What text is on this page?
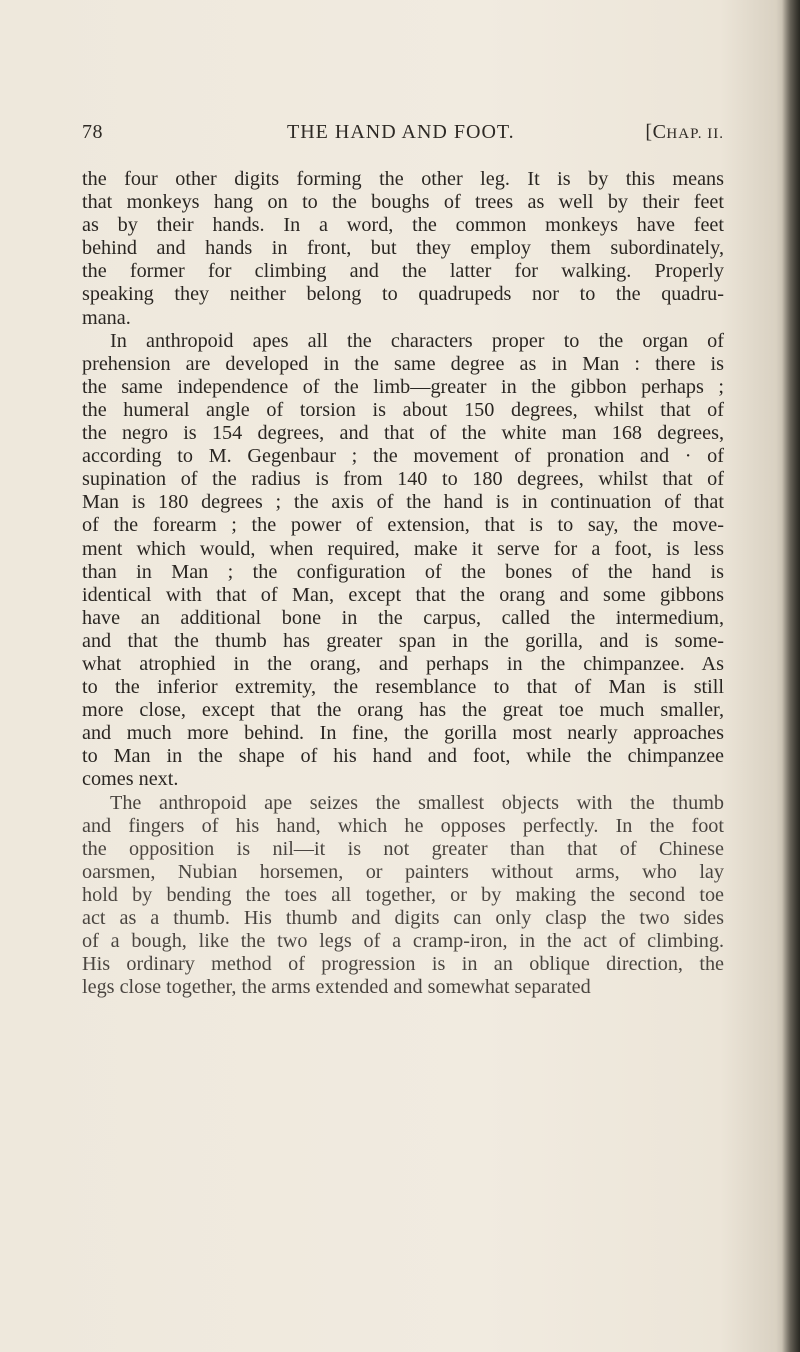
78	THE HAND AND FOOT.	[CHAP. II.
the four other digits forming the other leg. It is by this means
that monkeys hang on to the boughs of trees as well by their feet
as by their hands. In a word, the common monkeys have feet
behind and hands in front, but they employ them subordinately,
the former for climbing and the latter for walking. Properly
speaking they neither belong to quadrupeds nor to the quadru-
mana.
In anthropoid apes all the characters proper to the organ of
prehension are developed in the same degree as in Man : there is
the same independence of the limb—greater in the gibbon perhaps ;
the humeral angle of torsion is about 150 degrees, whilst that of
the negro is 154 degrees, and that of the white man 168 degrees,
according to M. Gegenbaur ; the movement of pronation and · of
supination of the radius is from 140 to 180 degrees, whilst that of
Man is 180 degrees ; the axis of the hand is in continuation of that
of the forearm ; the power of extension, that is to say, the move-
ment which would, when required, make it serve for a foot, is less
than in Man ; the configuration of the bones of the hand is
identical with that of Man, except that the orang and some gibbons
have an additional bone in the carpus, called the intermedium,
and that the thumb has greater span in the gorilla, and is some-
what atrophied in the orang, and perhaps in the chimpanzee. As
to the inferior extremity, the resemblance to that of Man is still
more close, except that the orang has the great toe much smaller,
and much more behind. In fine, the gorilla most nearly approaches
to Man in the shape of his hand and foot, while the chimpanzee
comes next.
The anthropoid ape seizes the smallest objects with the thumb
and fingers of his hand, which he opposes perfectly. In the foot
the opposition is nil—it is not greater than that of Chinese
oarsmen, Nubian horsemen, or painters without arms, who lay
hold by bending the toes all together, or by making the second toe
act as a thumb. His thumb and digits can only clasp the two sides
of a bough, like the two legs of a cramp-iron, in the act of climbing.
His ordinary method of progression is in an oblique direction, the
legs close together, the arms extended and somewhat separated
